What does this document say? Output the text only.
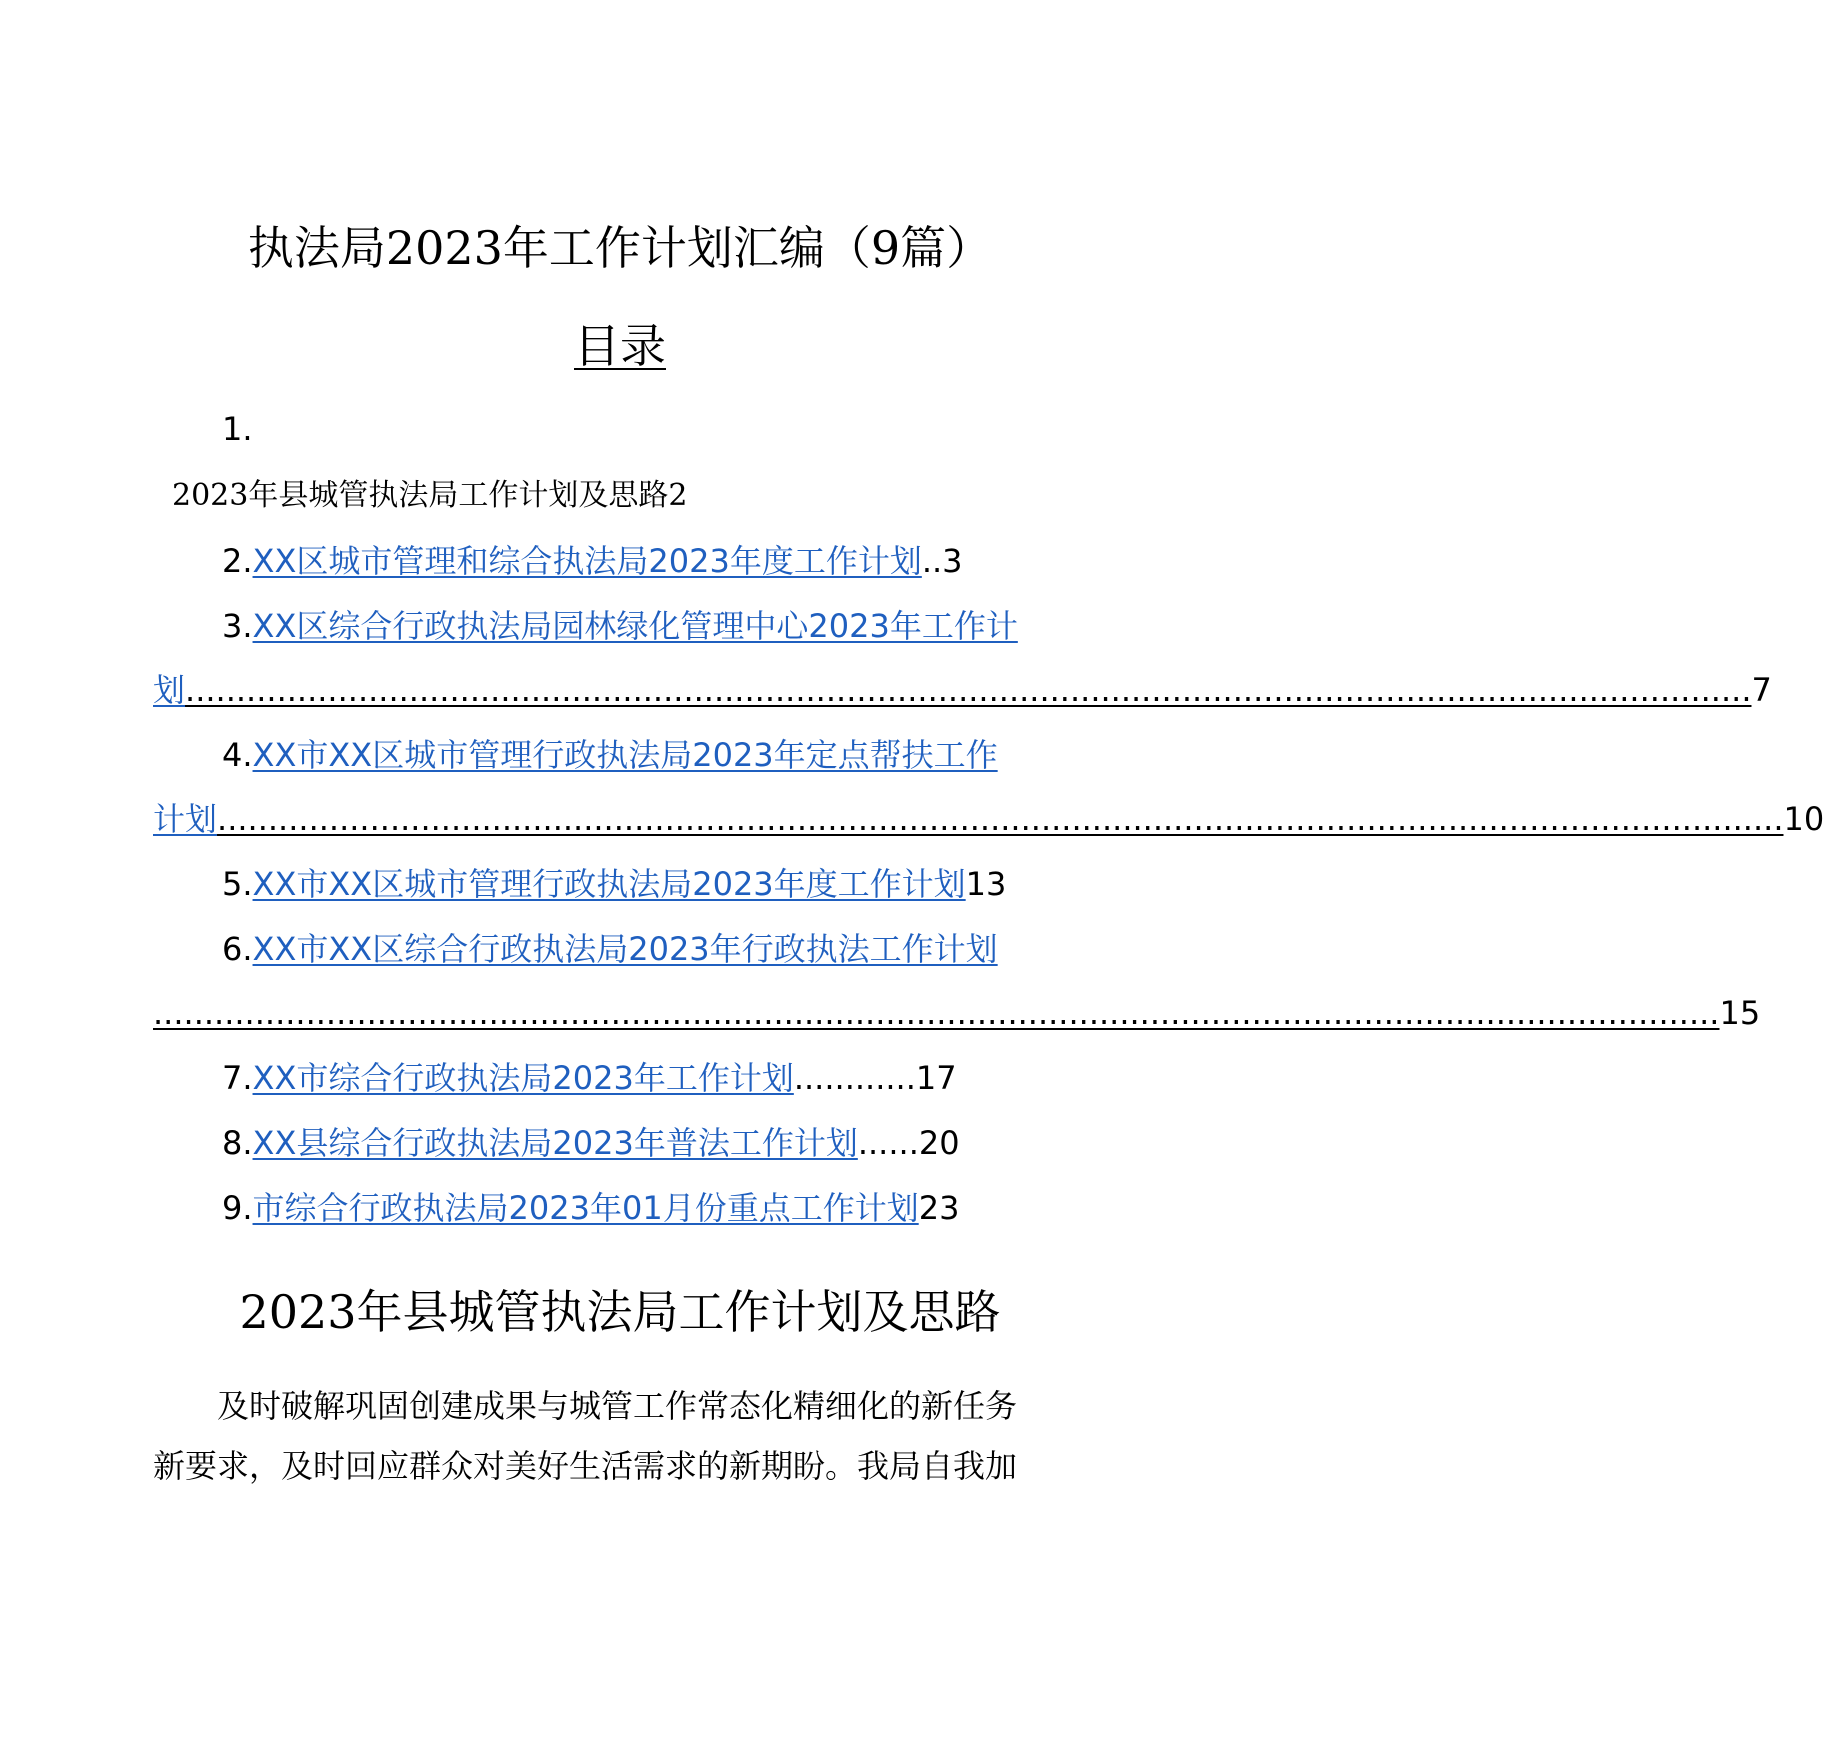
执法局2023年工作计划汇编（9篇）
目录
1.
2023年县城管执法局工作计划及思路2
2.XX区城市管理和综合执法局2023年度工作计划..3
3.XX区综合行政执法局园林绿化管理中心2023年工作计
划 .......................................................................................................................................................... 7
4.XX市XX区城市管理行政执法局2023年定点帮扶工作
计划 .......................................................................................................................................................... 10
5.XX市XX区城市管理行政执法局2023年度工作计划13
6.XX市XX区综合行政执法局2023年行政执法工作计划
.......................................................................................................................................................... 15
7.XX市综合行政执法局2023年工作计划............17
8.XX县综合行政执法局2023年普法工作计划......20
9.市综合行政执法局2023年01月份重点工作计划23
2023年县城管执法局工作计划及思路
及时破解巩固创建成果与城管工作常态化精细化的新任务
新要求，及时回应群众对美好生活需求的新期盼。我局自我加
